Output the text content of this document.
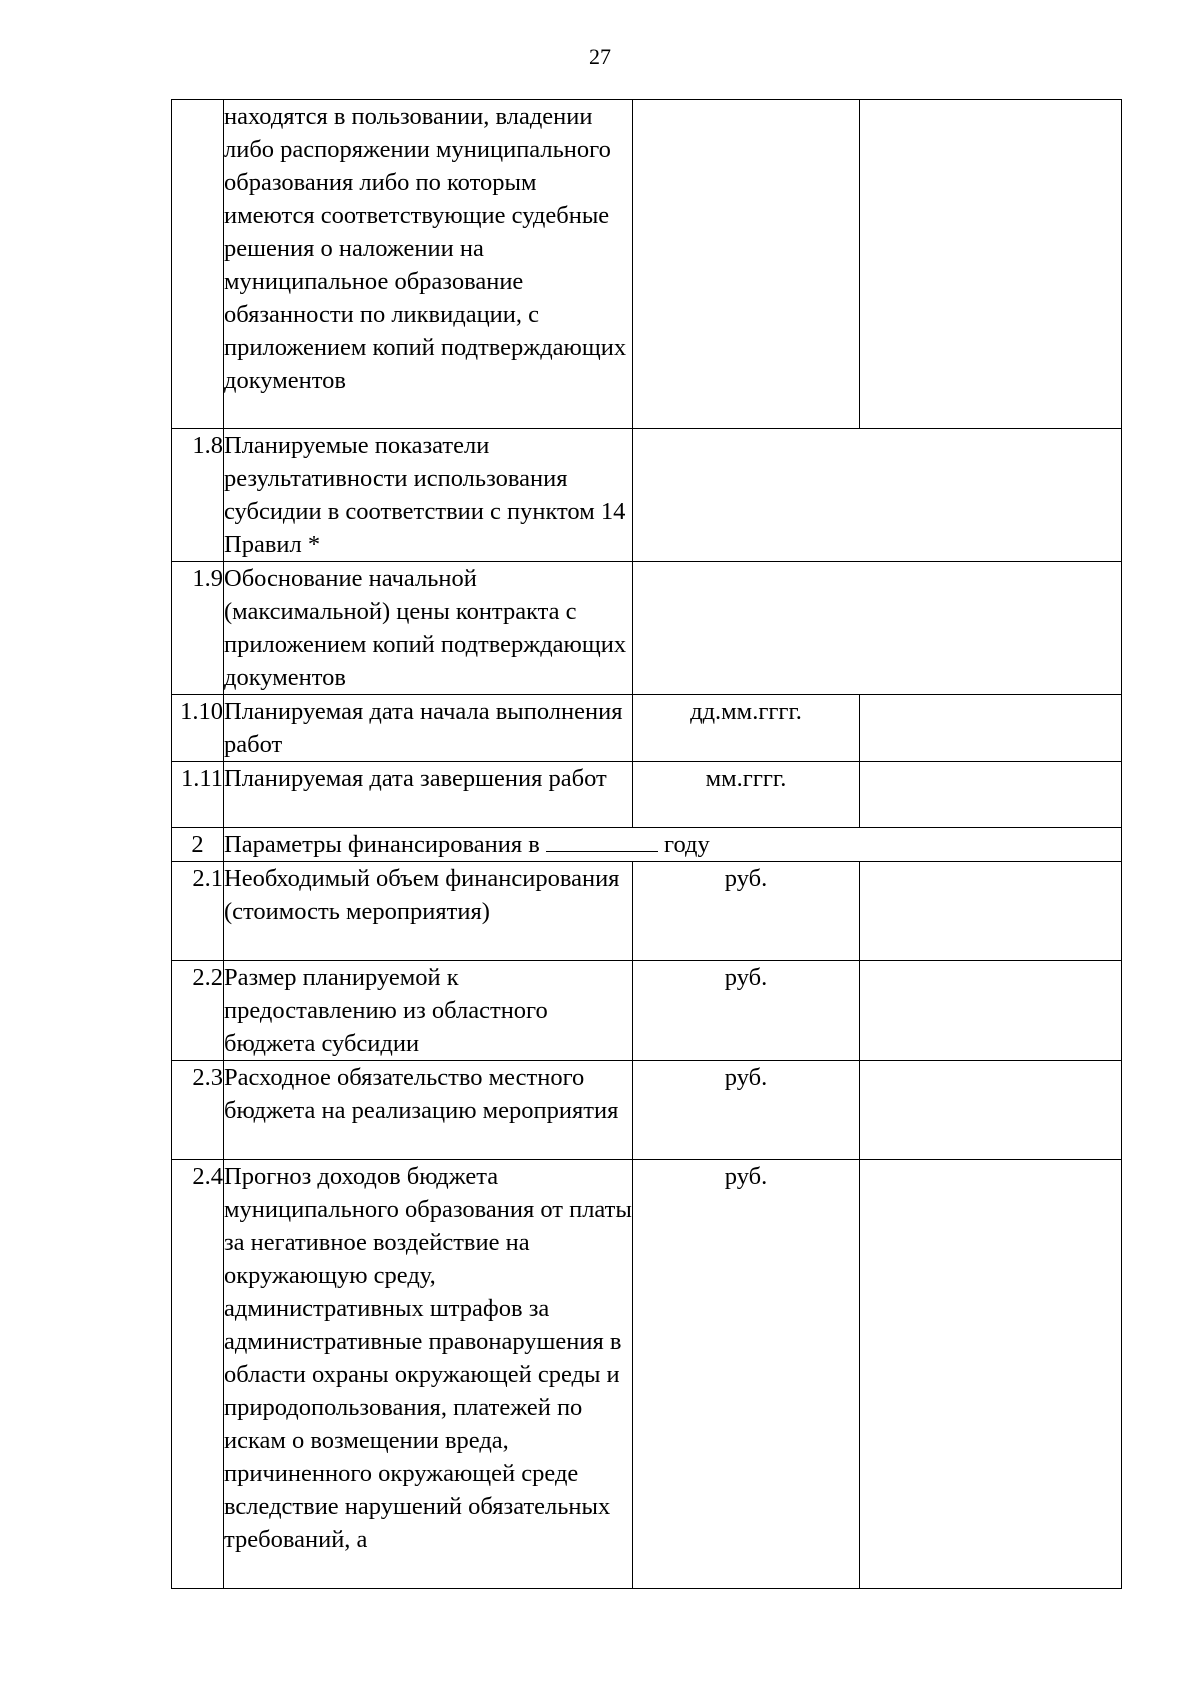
27
	находятся в пользовании, владении либо распоряжении муниципального образования либо по которым имеются соответствующие судебные решения о наложении на муниципальное образование обязанности по ликвидации, с приложением копий подтверждающих документов		
1.8	Планируемые показатели результативности использования субсидии в соответствии с пунктом 14 Правил *		
1.9	Обоснование начальной (максимальной) цены контракта с приложением копий подтверждающих документов		
1.10	Планируемая дата начала выполнения работ	дд.мм.гггг.	
1.11	Планируемая дата завершения работ	мм.гггг.	
2	Параметры финансирования в году		
2.1	Необходимый объем финансирования (стоимость мероприятия)	руб.	
2.2	Размер планируемой к предоставлению из областного бюджета субсидии	руб.	
2.3	Расходное обязательство местного бюджета на реализацию мероприятия	руб.	
2.4	Прогноз доходов бюджета муниципального образования от платы за негативное воздействие на окружающую среду, административных штрафов за административные правонарушения в области охраны окружающей среды и природопользования, платежей по искам о возмещении вреда, причиненного окружающей среде вследствие нарушений обязательных требований, а	руб.	
